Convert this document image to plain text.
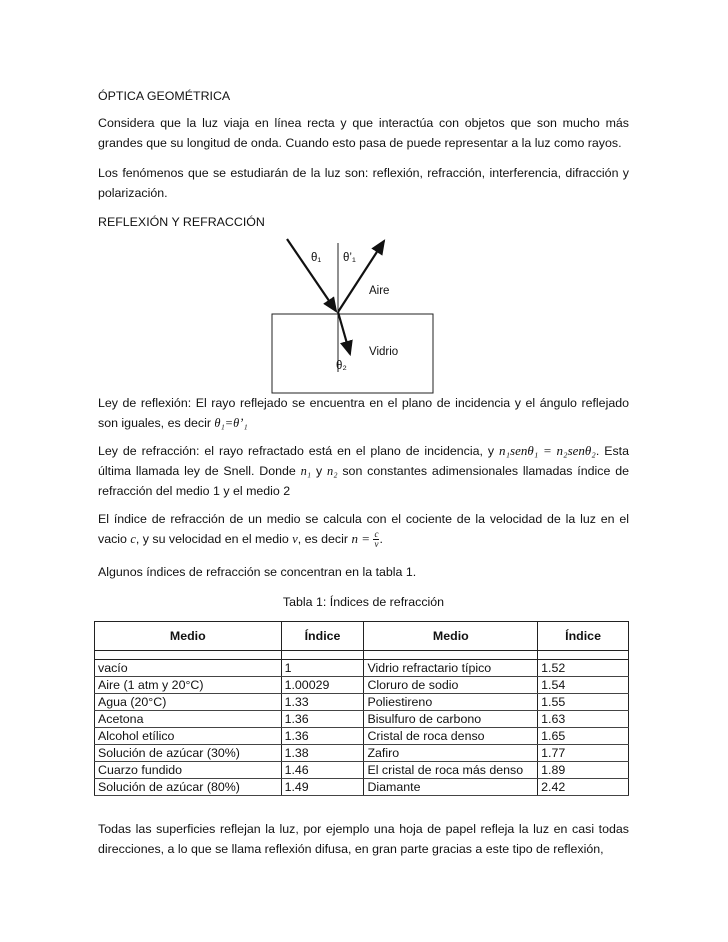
ÓPTICA GEOMÉTRICA

Considera que la luz viaja en línea recta y que interactúa con objetos que son mucho más grandes que su longitud de onda. Cuando esto pasa de puede representar a la luz como rayos.

Los fenómenos que se estudiarán de la luz son: reflexión, refracción, interferencia, difracción y polarización.

REFLEXIÓN Y REFRACCIÓN

θ₁ θ’₁
Aire
Vidrio
θ₂

Ley de reflexión: El rayo reflejado se encuentra en el plano de incidencia y el ángulo reflejado son iguales, es decir θ₁=θ’₁

Ley de refracción: el rayo refractado está en el plano de incidencia, y n₁senθ₁ = n₂senθ₂. Esta última llamada ley de Snell. Donde n₁ y n₂ son constantes adimensionales llamadas índice de refracción del medio 1 y el medio 2

El índice de refracción de un medio se calcula con el cociente de la velocidad de la luz en el vacio c, y su velocidad en el medio v, es decir $n = \frac{c}{v}$ .

Algunos índices de refracción se concentran en la tabla 1.

Tabla 1: Índices de refracción
Medio	Índice	Medio	Índice

vacío	1	Vidrio refractario típico	1.52
Aire (1 atm y 20°C)	1.00029	Cloruro de sodio	1.54
Agua (20°C)	1.33	Poliestireno	1.55
Acetona	1.36	Bisulfuro de carbono	1.63
Alcohol etílico	1.36	Cristal de roca denso	1.65
Solución de azúcar (30%)	1.38	Zafiro	1.77
Cuarzo fundido	1.46	El cristal de roca más denso	1.89
Solución de azúcar (80%)	1.49	Diamante	2.42

Todas las superficies reflejan la luz, por ejemplo una hoja de papel refleja la luz en casi todas direcciones, a lo que se llama reflexión difusa, en gran parte gracias a este tipo de reflexión,
